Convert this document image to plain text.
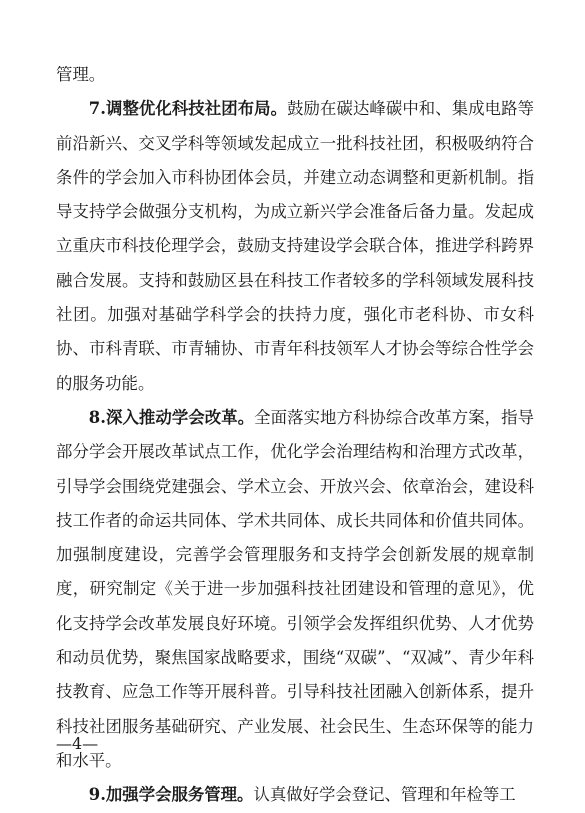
管理。

7.调整优化科技社团布局。鼓励在碳达峰碳中和、集成电路等前沿新兴、交叉学科等领域发起成立一批科技社团，积极吸纳符合条件的学会加入市科协团体会员，并建立动态调整和更新机制。指导支持学会做强分支机构，为成立新兴学会准备后备力量。发起成立重庆市科技伦理学会，鼓励支持建设学会联合体，推进学科跨界融合发展。支持和鼓励区县在科技工作者较多的学科领域发展科技社团。加强对基础学科学会的扶持力度，强化市老科协、市女科协、市科青联、市青辅协、市青年科技领军人才协会等综合性学会的服务功能。

8.深入推动学会改革。全面落实地方科协综合改革方案，指导部分学会开展改革试点工作，优化学会治理结构和治理方式改革，引导学会围绕党建强会、学术立会、开放兴会、依章治会，建设科技工作者的命运共同体、学术共同体、成长共同体和价值共同体。加强制度建设，完善学会管理服务和支持学会创新发展的规章制度，研究制定《关于进一步加强科技社团建设和管理的意见》，优化支持学会改革发展良好环境。引领学会发挥组织优势、人才优势和动员优势，聚焦国家战略要求，围绕“双碳”、“双减”、青少年科技教育、应急工作等开展科普。引导科技社团融入创新体系，提升科技社团服务基础研究、产业发展、社会民生、生态环保等的能力和水平。

9.加强学会服务管理。认真做好学会登记、管理和年检等工

—4—
